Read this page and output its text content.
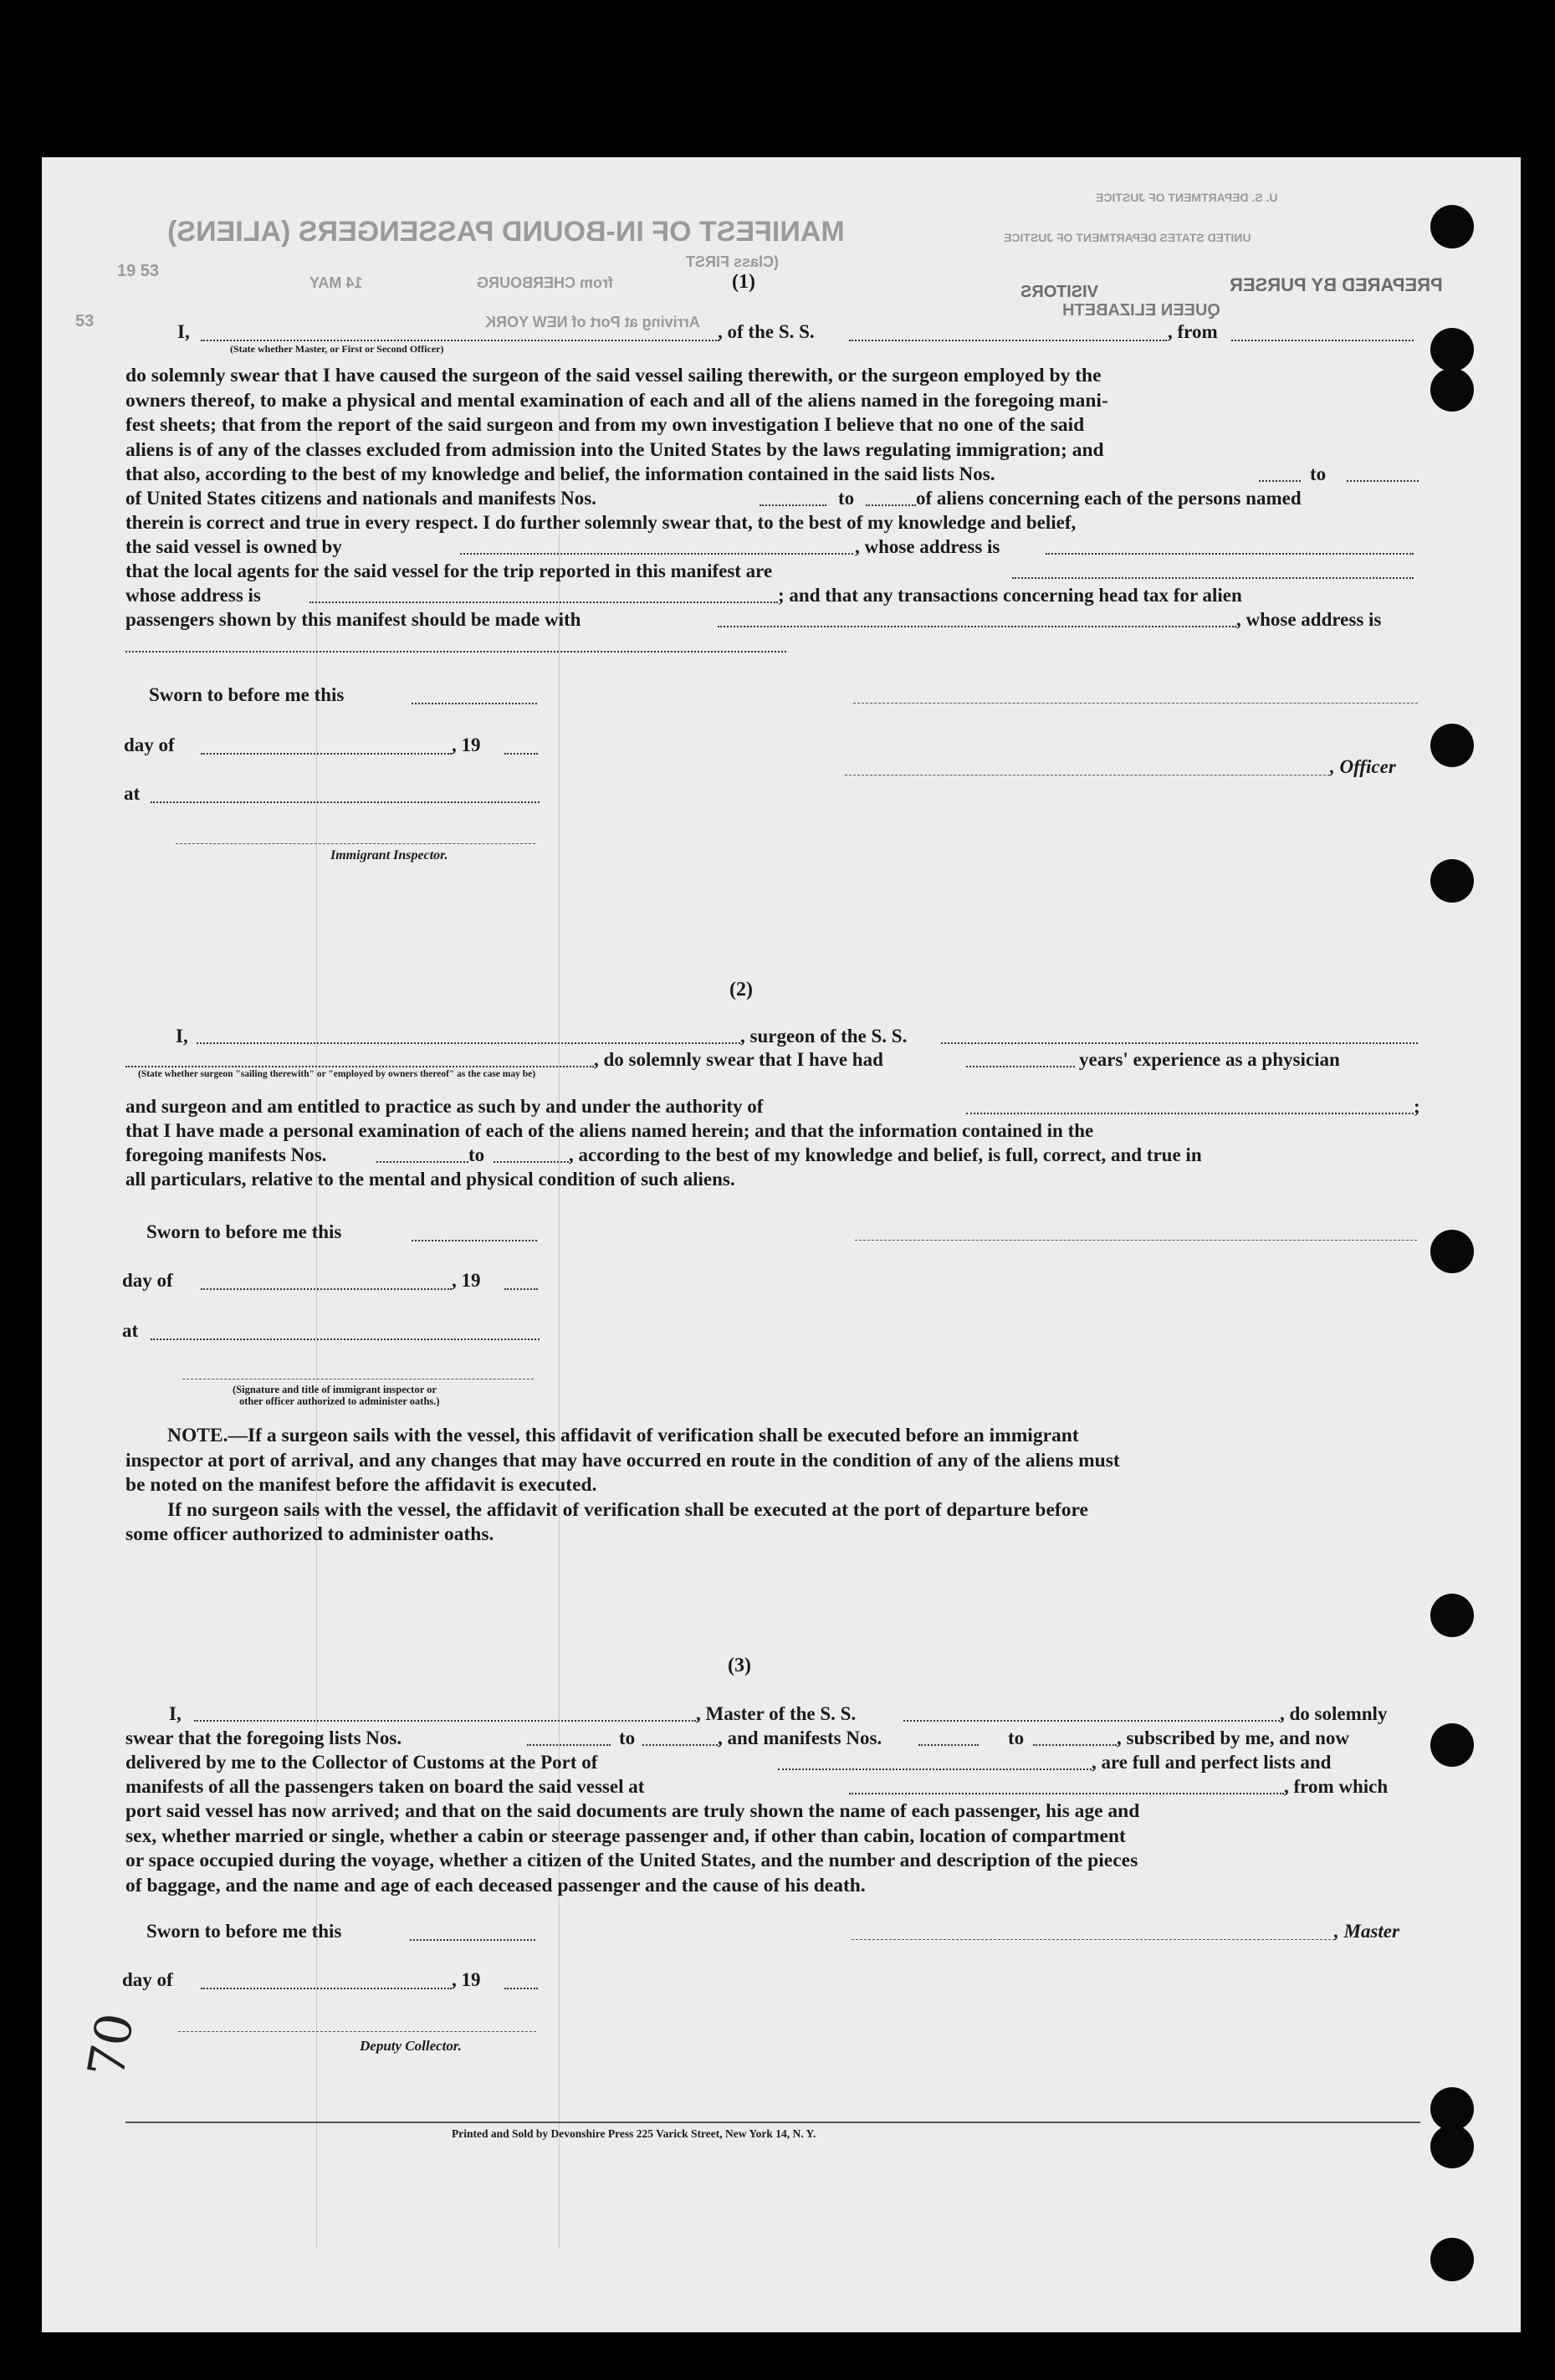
MANIFEST OF IN-BOUND PASSENGERS (ALIENS)
PREPARED BY PURSER
VISITORS
QUEEN ELIZABETH
(Class FIRST
from CHERBOURG
14 MAY
Arriving at Port of NEW YORK
UNITED STATES DEPARTMENT OF JUSTICE
U. S. DEPARTMENT OF JUSTICE
19 53
53
(1)
I,	, of the S. S.	, from
(State whether Master, or First or Second Officer)
do solemnly swear that I have caused the surgeon of the said vessel sailing therewith, or the surgeon employed by the
owners thereof, to make a physical and mental examination of each and all of the aliens named in the foregoing mani-
fest sheets; that from the report of the said surgeon and from my own investigation I believe that no one of the said
aliens is of any of the classes excluded from admission into the United States by the laws regulating immigration; and
that also, according to the best of my knowledge and belief, the information contained in the said lists Nos.	to
of United States citizens and nationals and manifests Nos.	to	of aliens concerning each of the persons named
therein is correct and true in every respect. I do further solemnly swear that, to the best of my knowledge and belief,
the said vessel is owned by	, whose address is
that the local agents for the said vessel for the trip reported in this manifest are
whose address is	; and that any transactions concerning head tax for alien
passengers shown by this manifest should be made with	, whose address is
Sworn to before me this
day of	, 19
, Officer
at
Immigrant Inspector.
(2)
I,	, surgeon of the S. S.
, do solemnly swear that I have had	years' experience as a physician
(State whether surgeon "sailing therewith" or "employed by owners thereof" as the case may be)
and surgeon and am entitled to practice as such by and under the authority of	;
that I have made a personal examination of each of the aliens named herein; and that the information contained in the
foregoing manifests Nos.	to	, according to the best of my knowledge and belief, is full, correct, and true in
all particulars, relative to the mental and physical condition of such aliens.
Sworn to before me this
day of	, 19
at
(Signature and title of immigrant inspector or
other officer authorized to administer oaths.)
NOTE.—If a surgeon sails with the vessel, this affidavit of verification shall be executed before an immigrant
inspector at port of arrival, and any changes that may have occurred en route in the condition of any of the aliens must
be noted on the manifest before the affidavit is executed.
If no surgeon sails with the vessel, the affidavit of verification shall be executed at the port of departure before
some officer authorized to administer oaths.
(3)
I,	, Master of the S. S.	, do solemnly
swear that the foregoing lists Nos.	to	, and manifests Nos.	to	, subscribed by me, and now
delivered by me to the Collector of Customs at the Port of	, are full and perfect lists and
manifests of all the passengers taken on board the said vessel at	, from which
port said vessel has now arrived; and that on the said documents are truly shown the name of each passenger, his age and
sex, whether married or single, whether a cabin or steerage passenger and, if other than cabin, location of compartment
or space occupied during the voyage, whether a citizen of the United States, and the number and description of the pieces
of baggage, and the name and age of each deceased passenger and the cause of his death.
Sworn to before me this	, Master
day of	, 19
Deputy Collector.
70
Printed and Sold by Devonshire Press 225 Varick Street, New York 14, N. Y.
